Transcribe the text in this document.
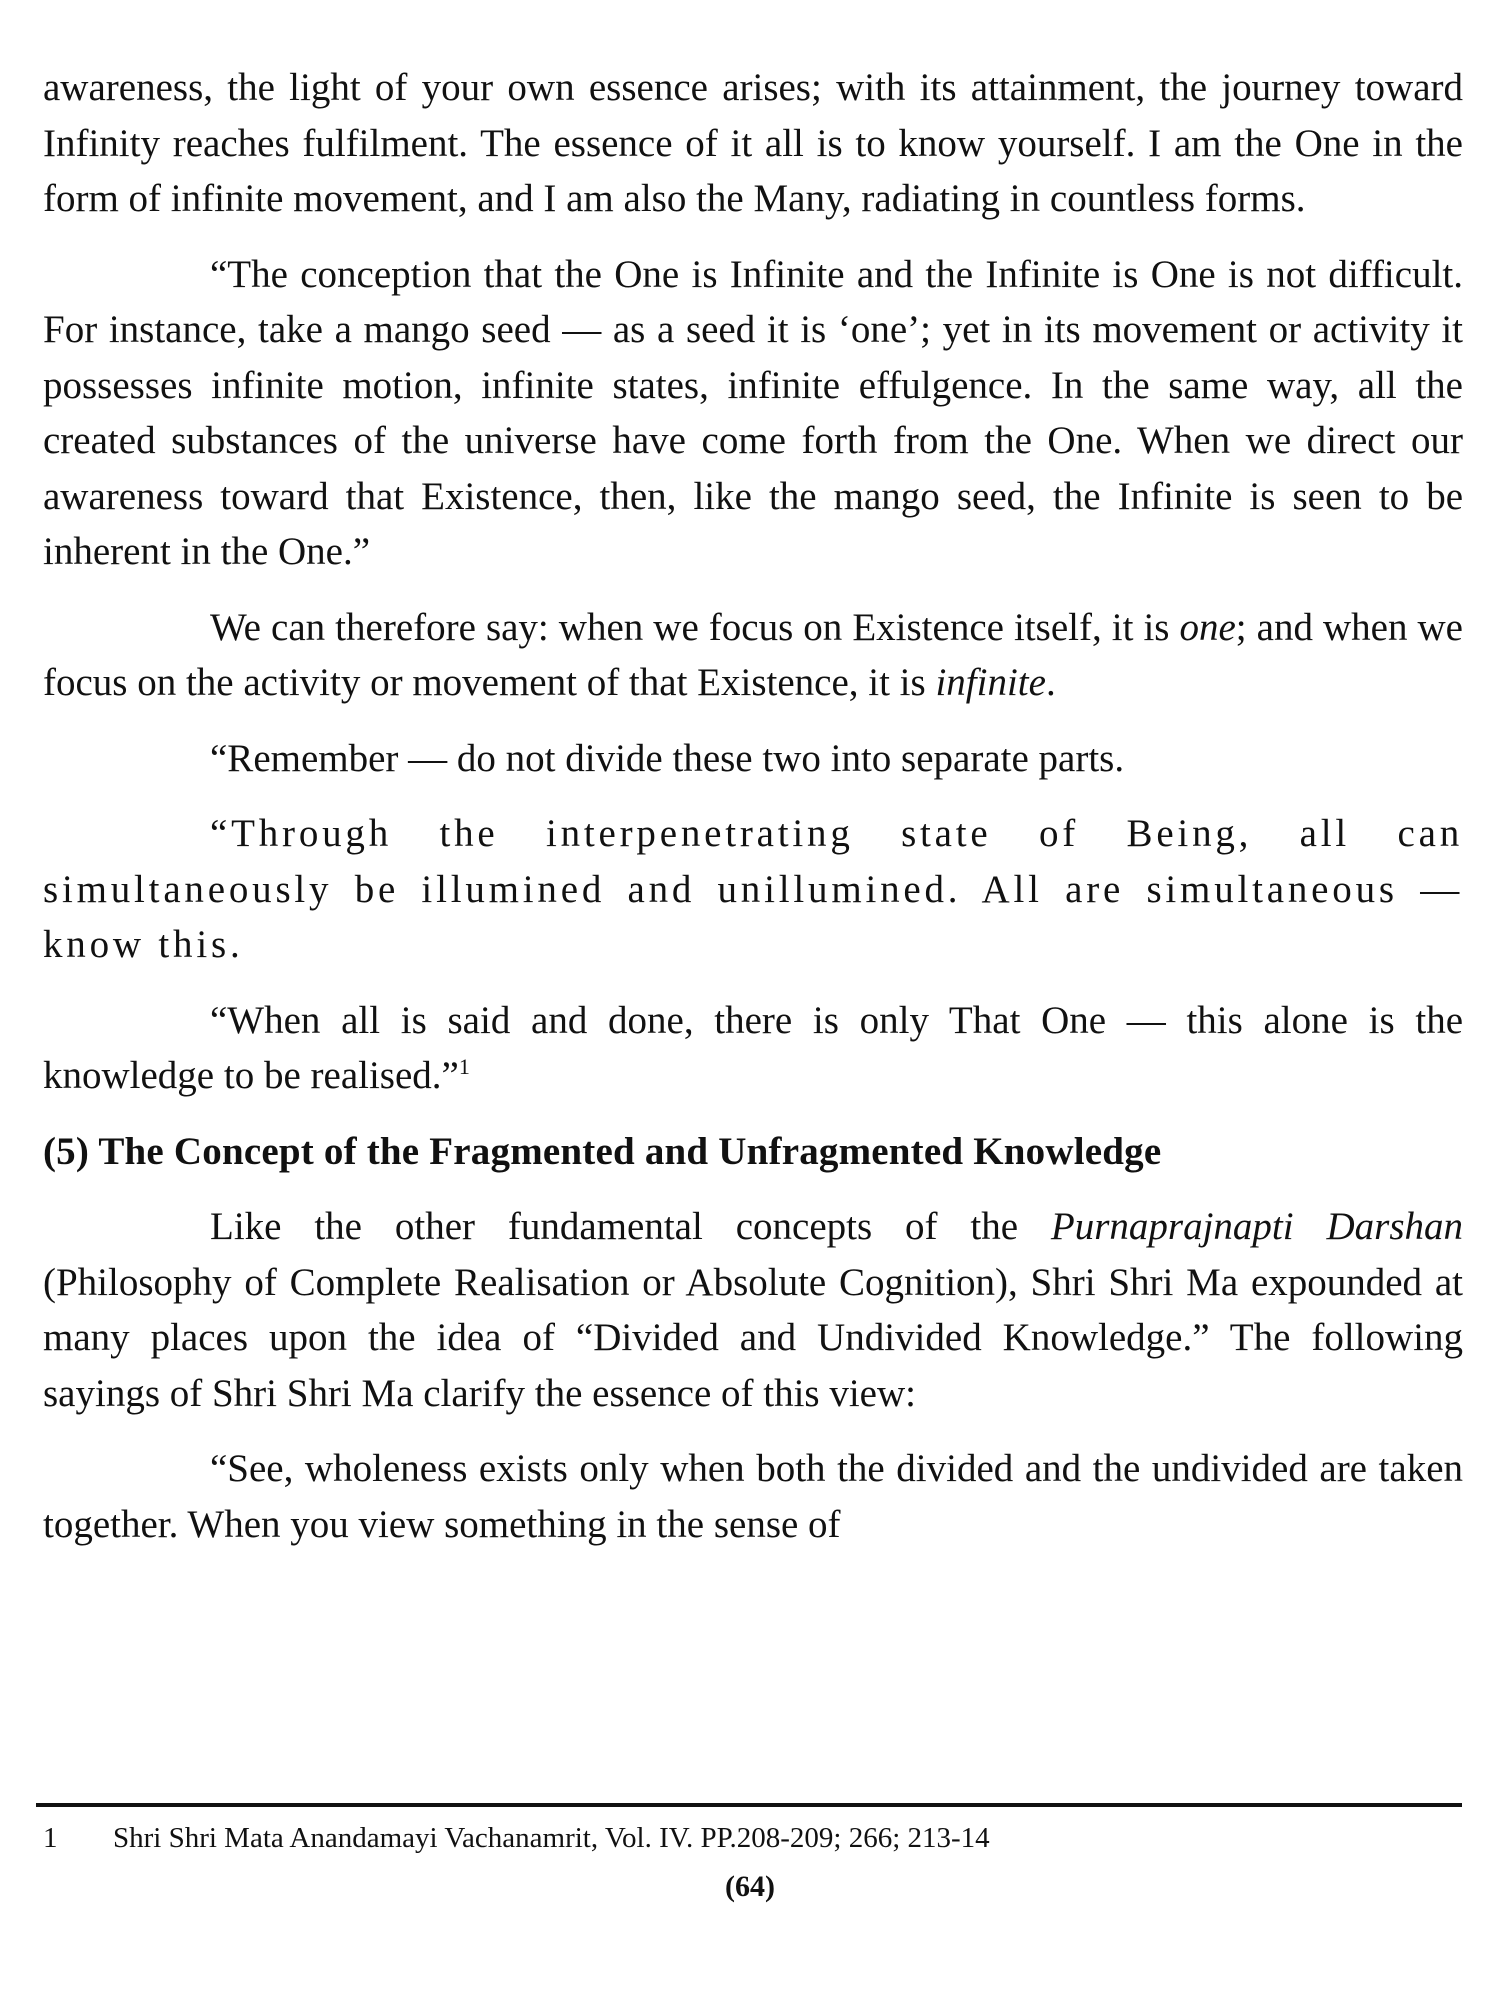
awareness, the light of your own essence arises; with its attainment, the journey toward Infinity reaches fulfilment. The essence of it all is to know yourself. I am the One in the form of infinite movement, and I am also the Many, radiating in countless forms.

“The conception that the One is Infinite and the Infinite is One is not difficult. For instance, take a mango seed — as a seed it is ‘one’; yet in its movement or activity it possesses infinite motion, infinite states, infinite effulgence. In the same way, all the created substances of the universe have come forth from the One. When we direct our awareness toward that Existence, then, like the mango seed, the Infinite is seen to be inherent in the One.”

We can therefore say: when we focus on Existence itself, it is one; and when we focus on the activity or movement of that Existence, it is infinite.

“Remember — do not divide these two into separate parts.

“Through the interpenetrating state of Being, all can simultaneously be illumined and unillumined. All are simultaneous — know this.

“When all is said and done, there is only That One — this alone is the knowledge to be realised.”$^1$

(5) The Concept of the Fragmented and Unfragmented Knowledge

Like the other fundamental concepts of the Purnaprajnapti Darshan (Philosophy of Complete Realisation or Absolute Cognition), Shri Shri Ma expounded at many places upon the idea of “Divided and Undivided Knowledge.” The following sayings of Shri Shri Ma clarify the essence of this view:

“See, wholeness exists only when both the divided and the undivided are taken together. When you view something in the sense of

1 Shri Shri Mata Anandamayi Vachanamrit, Vol. IV. PP.208-209; 266; 213-14
(64)
